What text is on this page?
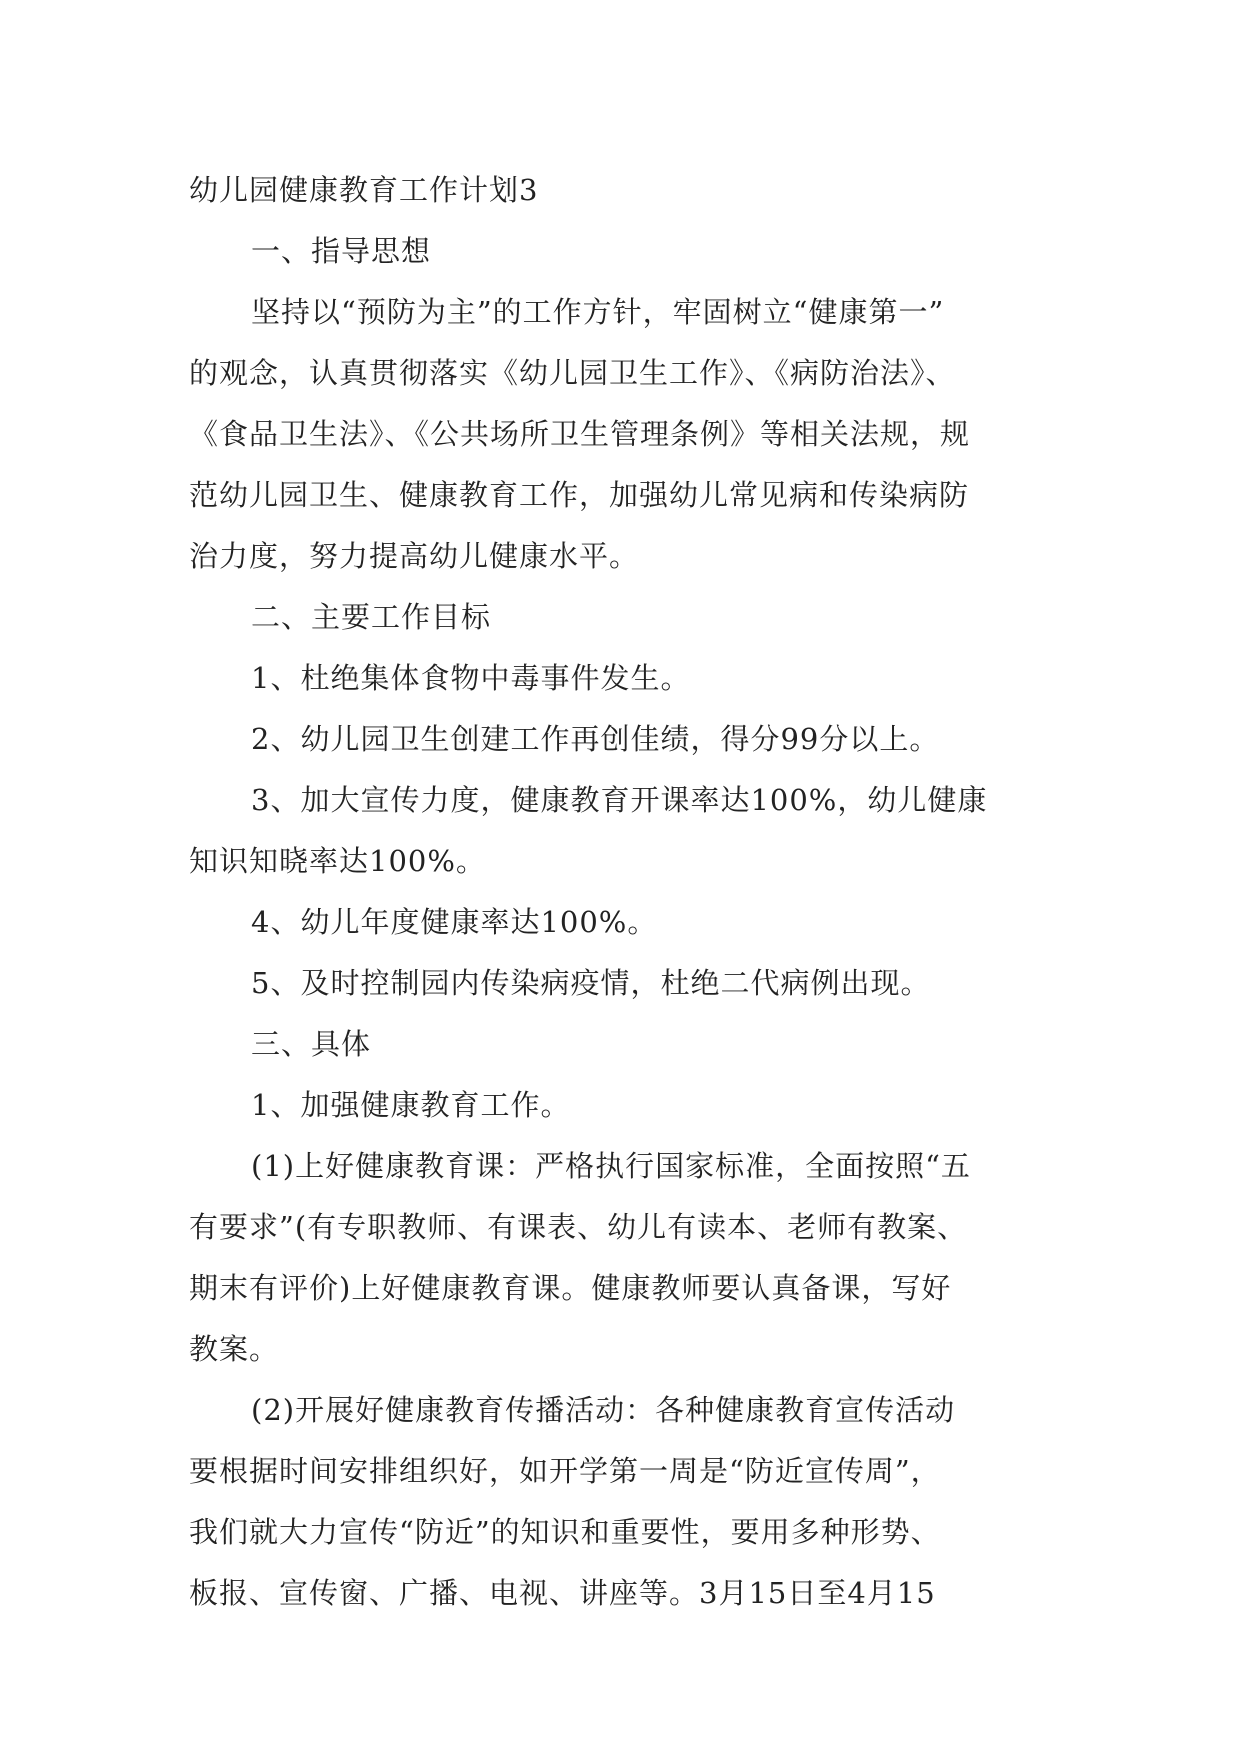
幼儿园健康教育工作计划3
一、指导思想
坚持以“预防为主”的工作方针，牢固树立“健康第一”
的观念，认真贯彻落实《幼儿园卫生工作》、《病防治法》、
《食品卫生法》、《公共场所卫生管理条例》等相关法规，规
范幼儿园卫生、健康教育工作，加强幼儿常见病和传染病防
治力度，努力提高幼儿健康水平。
二、主要工作目标
1、杜绝集体食物中毒事件发生。
2、幼儿园卫生创建工作再创佳绩，得分99分以上。
3、加大宣传力度，健康教育开课率达100%，幼儿健康
知识知晓率达100%。
4、幼儿年度健康率达100%。
5、及时控制园内传染病疫情，杜绝二代病例出现。
三、具体
1、加强健康教育工作。
(1)上好健康教育课：严格执行国家标准，全面按照“五
有要求”(有专职教师、有课表、幼儿有读本、老师有教案、
期末有评价)上好健康教育课。健康教师要认真备课，写好
教案。
(2)开展好健康教育传播活动：各种健康教育宣传活动
要根据时间安排组织好，如开学第一周是“防近宣传周”，
我们就大力宣传“防近”的知识和重要性，要用多种形势、
板报、宣传窗、广播、电视、讲座等。3月15日至4月15
